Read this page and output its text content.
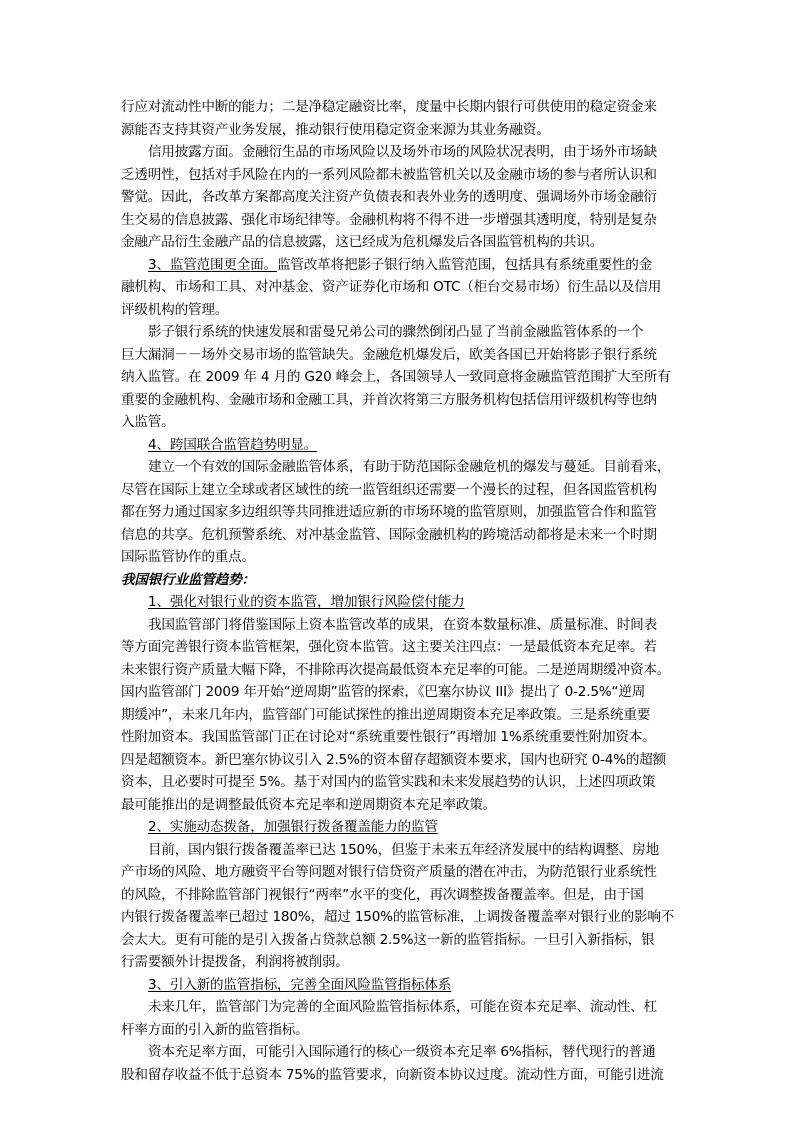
行应对流动性中断的能力；二是净稳定融资比率，度量中长期内银行可供使用的稳定资金来
源能否支持其资产业务发展，推动银行使用稳定资金来源为其业务融资。
信用披露方面。金融衍生品的市场风险以及场外市场的风险状况表明，由于场外市场缺
乏透明性，包括对手风险在内的一系列风险都未被监管机关以及金融市场的参与者所认识和
警觉。因此，各改革方案都高度关注资产负债表和表外业务的透明度、强调场外市场金融衍
生交易的信息披露、强化市场纪律等。金融机构将不得不进一步增强其透明度，特别是复杂
金融产品衍生金融产品的信息披露，这已经成为危机爆发后各国监管机构的共识。
3、监管范围更全面。监管改革将把影子银行纳入监管范围，包括具有系统重要性的金
融机构、市场和工具、对冲基金、资产证券化市场和 OTC（柜台交易市场）衍生品以及信用
评级机构的管理。
影子银行系统的快速发展和雷曼兄弟公司的骤然倒闭凸显了当前金融监管体系的一个
巨大漏洞－－场外交易市场的监管缺失。金融危机爆发后，欧美各国已开始将影子银行系统
纳入监管。在 2009 年 4 月的 G20 峰会上，各国领导人一致同意将金融监管范围扩大至所有
重要的金融机构、金融市场和金融工具，并首次将第三方服务机构包括信用评级机构等也纳
入监管。
4、跨国联合监管趋势明显。
建立一个有效的国际金融监管体系，有助于防范国际金融危机的爆发与蔓延。目前看来，
尽管在国际上建立全球或者区域性的统一监管组织还需要一个漫长的过程，但各国监管机构
都在努力通过国家多边组织等共同推进适应新的市场环境的监管原则，加强监管合作和监管
信息的共享。危机预警系统、对冲基金监管、国际金融机构的跨境活动都将是未来一个时期
国际监管协作的重点。
我国银行业监管趋势：
1、强化对银行业的资本监管，增加银行风险偿付能力
我国监管部门将借鉴国际上资本监管改革的成果，在资本数量标准、质量标准、时间表
等方面完善银行资本监管框架，强化资本监管。这主要关注四点：一是最低资本充足率。若
未来银行资产质量大幅下降，不排除再次提高最低资本充足率的可能。二是逆周期缓冲资本。
国内监管部门 2009 年开始“逆周期”监管的探索，《巴塞尔协议 III》提出了 0-2.5%“逆周
期缓冲”，未来几年内，监管部门可能试探性的推出逆周期资本充足率政策。三是系统重要
性附加资本。我国监管部门正在讨论对“系统重要性银行”再增加 1%系统重要性附加资本。
四是超额资本。新巴塞尔协议引入 2.5%的资本留存超额资本要求，国内也研究 0-4%的超额
资本，且必要时可提至 5%。基于对国内的监管实践和未来发展趋势的认识，上述四项政策
最可能推出的是调整最低资本充足率和逆周期资本充足率政策。
2、实施动态拨备，加强银行拨备覆盖能力的监管
目前，国内银行拨备覆盖率已达 150%，但鉴于未来五年经济发展中的结构调整、房地
产市场的风险、地方融资平台等问题对银行信贷资产质量的潜在冲击，为防范银行业系统性
的风险，不排除监管部门视银行“两率”水平的变化，再次调整拨备覆盖率。但是，由于国
内银行拨备覆盖率已超过 180%，超过 150%的监管标准，上调拨备覆盖率对银行业的影响不
会太大。更有可能的是引入拨备占贷款总额 2.5%这一新的监管指标。一旦引入新指标，银
行需要额外计提拨备，利润将被削弱。
3、引入新的监管指标，完善全面风险监管指标体系
未来几年，监管部门为完善的全面风险监管指标体系，可能在资本充足率、流动性、杠
杆率方面的引入新的监管指标。
资本充足率方面，可能引入国际通行的核心一级资本充足率 6%指标，替代现行的普通
股和留存收益不低于总资本 75%的监管要求，向新资本协议过度。流动性方面，可能引进流
